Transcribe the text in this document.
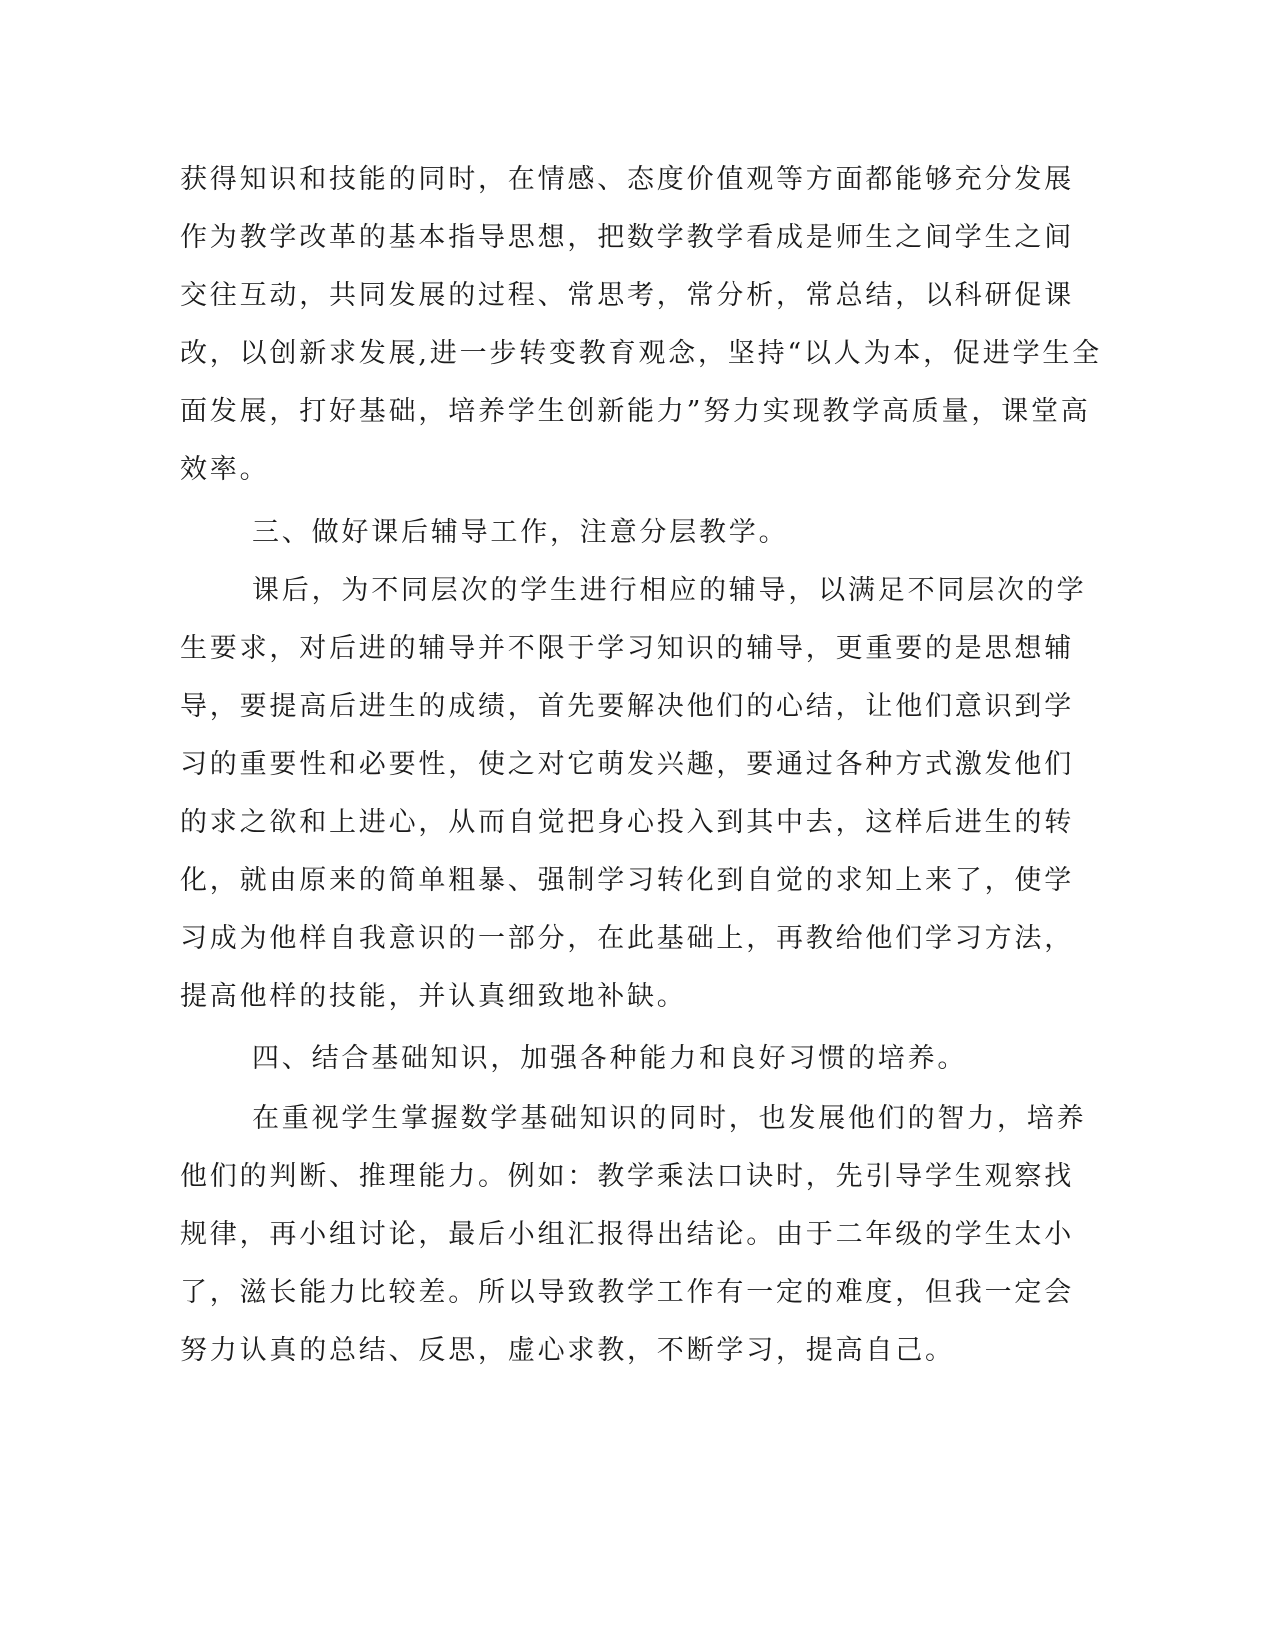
获得知识和技能的同时，在情感、态度价值观等方面都能够充分发展
作为教学改革的基本指导思想，把数学教学看成是师生之间学生之间
交往互动，共同发展的过程、常思考，常分析，常总结，以科研促课
改，以创新求发展,进一步转变教育观念，坚持“以人为本，促进学生全
面发展，打好基础，培养学生创新能力”努力实现教学高质量，课堂高
效率。
三、做好课后辅导工作，注意分层教学。
课后，为不同层次的学生进行相应的辅导，以满足不同层次的学
生要求，对后进的辅导并不限于学习知识的辅导，更重要的是思想辅
导，要提高后进生的成绩，首先要解决他们的心结，让他们意识到学
习的重要性和必要性，使之对它萌发兴趣，要通过各种方式激发他们
的求之欲和上进心，从而自觉把身心投入到其中去，这样后进生的转
化，就由原来的简单粗暴、强制学习转化到自觉的求知上来了，使学
习成为他样自我意识的一部分，在此基础上，再教给他们学习方法，
提高他样的技能，并认真细致地补缺。
四、结合基础知识，加强各种能力和良好习惯的培养。
在重视学生掌握数学基础知识的同时，也发展他们的智力，培养
他们的判断、推理能力。例如：教学乘法口诀时，先引导学生观察找
规律，再小组讨论，最后小组汇报得出结论。由于二年级的学生太小
了，滋长能力比较差。所以导致教学工作有一定的难度，但我一定会
努力认真的总结、反思，虚心求教，不断学习，提高自己。
